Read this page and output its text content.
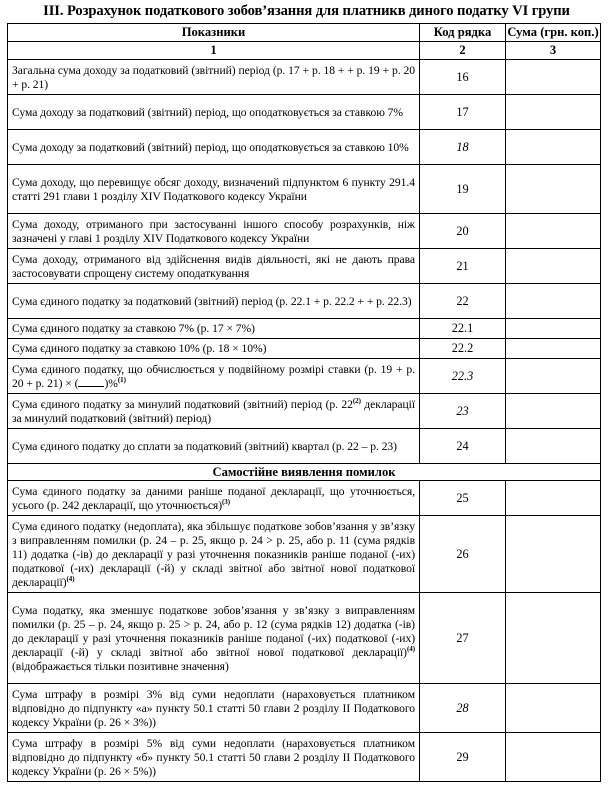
III. Розрахунок податкового зобов’язання для платникв диного податку VI групи
Показники	Код рядка	Сума (грн. коп.)
1	2	3
Загальна сума доходу за податковий (звітний) період (р. 17 + р. 18 + + р. 19 + р. 20 + р. 21)	16	
Сума доходу за податковий (звітний) період, що оподатковується за ставкою 7%	17	
Сума доходу за податковий (звітний) період, що оподатковується за ставкою 10%	18	
Сума доходу, що перевищує обсяг доходу, визначений підпунктом 6 пункту 291.4 статті 291 глави 1 розділу XIV Податкового кодексу України	19	
Сума доходу, отриманого при застосуванні іншого способу розрахунків, ніж зазначені у главі 1 розділу XIV Податкового кодексу України	20	
Сума доходу, отриманого від здійснення видів діяльності, які не дають права застосовувати спрощену систему оподаткування	21	
Сума єдиного податку за податковий (звітний) період (р. 22.1 + р. 22.2 + + р. 22.3)	22	
Сума єдиного податку за ставкою 7% (р. 17 × 7%)	22.1	
Сума єдиного податку за ставкою 10% (р. 18 × 10%)	22.2	
Сума єдиного податку, що обчислюється у подвійному розмірі ставки (р. 19 + р. 20 + р. 21) × ( )%$^{(1)}$	22.3	
Сума єдиного податку за минулий податковий (звітний) період (р. 22$^{(2)}$ декларації за минулий податковий (звітний) період)	23	
Сума єдиного податку до сплати за податковий (звітний) квартал (р. 22 – р. 23)	24	
Самостійне виявлення помилок		
Сума єдиного податку за даними раніше поданої декларації, що уточнюється, усього (р. 242 декларації, що уточнюється)$^{(3)}$	25	
Сума єдиного податку (недоплата), яка збільшує податкове зобов’язання у зв’язку з виправленням помилки (р. 24 – р. 25, якщо р. 24 > р. 25, або р. 11 (сума рядків 11) додатка (-ів) до декларації у разі уточнення показників раніше поданої (-их) податкової (-их) декларації (-й) у складі звітної або звітної нової податкової декларації)$^{(4)}$	26	
Сума податку, яка зменшує податкове зобов’язання у зв’язку з виправленням помилки (р. 25 – р. 24, якщо р. 25 > р. 24, або р. 12 (сума рядків 12) додатка (-ів) до декларації у разі уточнення показників раніше поданої (-их) податкової (-их) декларації (-й) у складі звітної або звітної нової податкової декларації)$^{(4)}$ (відображається тільки позитивне значення)	27	
Сума штрафу в розмірі 3% від суми недоплати (нараховується платником відповідно до підпункту «а» пункту 50.1 статті 50 глави 2 розділу II Податкового кодексу України (р. 26 × 3%))	28	
Сума штрафу в розмірі 5% від суми недоплати (нараховується платником відповідно до підпункту «б» пункту 50.1 статті 50 глави 2 розділу II Податкового кодексу України (р. 26 × 5%))	29	
